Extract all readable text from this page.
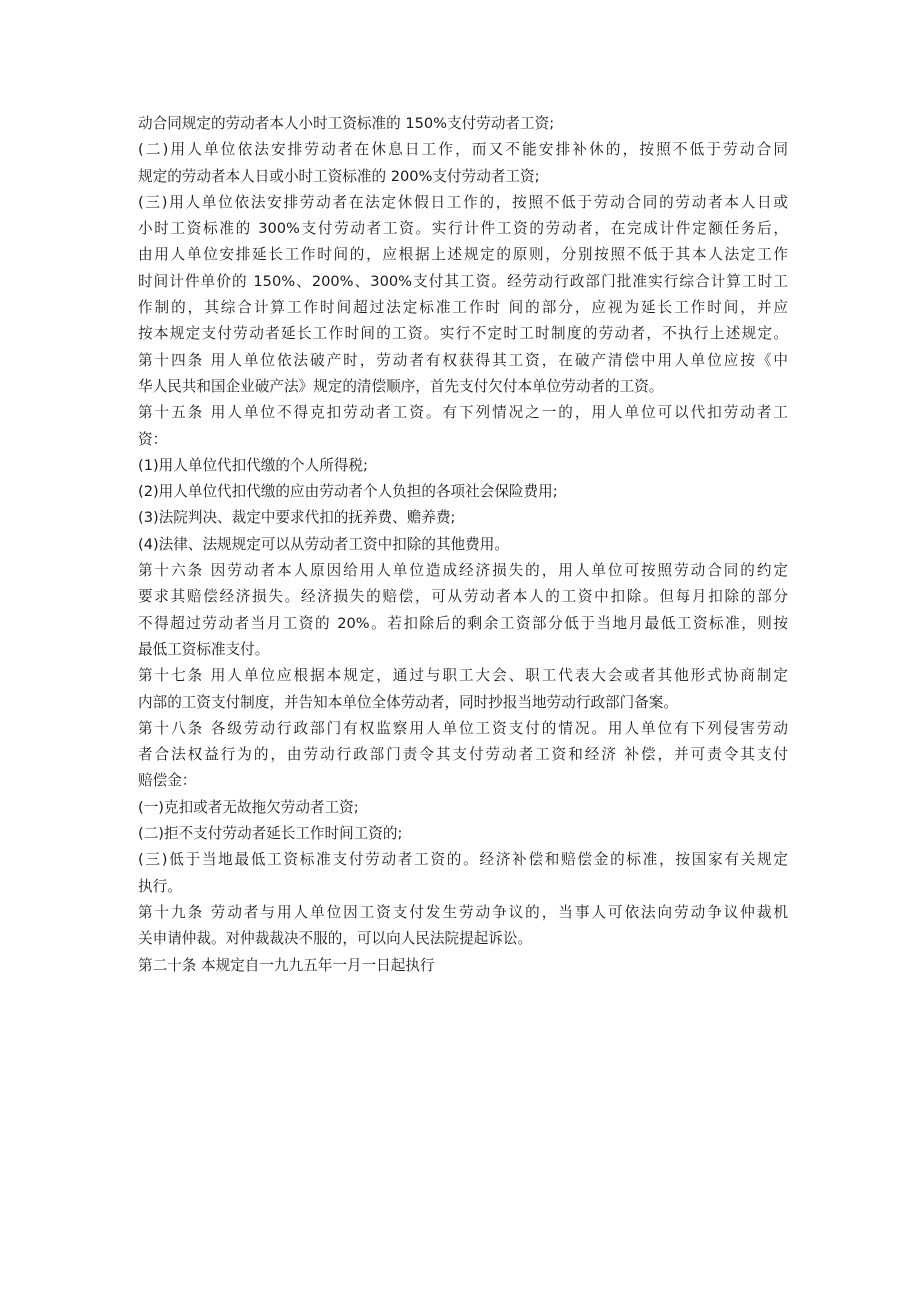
动合同规定的劳动者本人小时工资标准的 150%支付劳动者工资;
(二)用人单位依法安排劳动者在休息日工作，而又不能安排补休的，按照不低于劳动合同
规定的劳动者本人日或小时工资标准的 200%支付劳动者工资;
(三)用人单位依法安排劳动者在法定休假日工作的，按照不低于劳动合同的劳动者本人日或
小时工资标准的 300%支付劳动者工资。实行计件工资的劳动者，在完成计件定额任务后，
由用人单位安排延长工作时间的，应根据上述规定的原则，分别按照不低于其本人法定工作
时间计件单价的 150%、200%、300%支付其工资。经劳动行政部门批准实行综合计算工时工
作制的，其综合计算工作时间超过法定标准工作时 间的部分，应视为延长工作时间，并应
按本规定支付劳动者延长工作时间的工资。实行不定时工时制度的劳动者，不执行上述规定。
第十四条 用人单位依法破产时，劳动者有权获得其工资，在破产清偿中用人单位应按《中
华人民共和国企业破产法》规定的清偿顺序，首先支付欠付本单位劳动者的工资。
第十五条 用人单位不得克扣劳动者工资。有下列情况之一的，用人单位可以代扣劳动者工
资：
(1)用人单位代扣代缴的个人所得税;
(2)用人单位代扣代缴的应由劳动者个人负担的各项社会保险费用;
(3)法院判决、裁定中要求代扣的抚养费、赡养费;
(4)法律、法规规定可以从劳动者工资中扣除的其他费用。
第十六条 因劳动者本人原因给用人单位造成经济损失的，用人单位可按照劳动合同的约定
要求其赔偿经济损失。经济损失的赔偿，可从劳动者本人的工资中扣除。但每月扣除的部分
不得超过劳动者当月工资的 20%。若扣除后的剩余工资部分低于当地月最低工资标准，则按
最低工资标准支付。
第十七条 用人单位应根据本规定，通过与职工大会、职工代表大会或者其他形式协商制定
内部的工资支付制度，并告知本单位全体劳动者，同时抄报当地劳动行政部门备案。
第十八条 各级劳动行政部门有权监察用人单位工资支付的情况。用人单位有下列侵害劳动
者合法权益行为的，由劳动行政部门责令其支付劳动者工资和经济 补偿，并可责令其支付
赔偿金：
(一)克扣或者无故拖欠劳动者工资;
(二)拒不支付劳动者延长工作时间工资的;
(三)低于当地最低工资标准支付劳动者工资的。经济补偿和赔偿金的标准，按国家有关规定
执行。
第十九条 劳动者与用人单位因工资支付发生劳动争议的，当事人可依法向劳动争议仲裁机
关申请仲裁。对仲裁裁决不服的，可以向人民法院提起诉讼。
第二十条 本规定自一九九五年一月一日起执行
